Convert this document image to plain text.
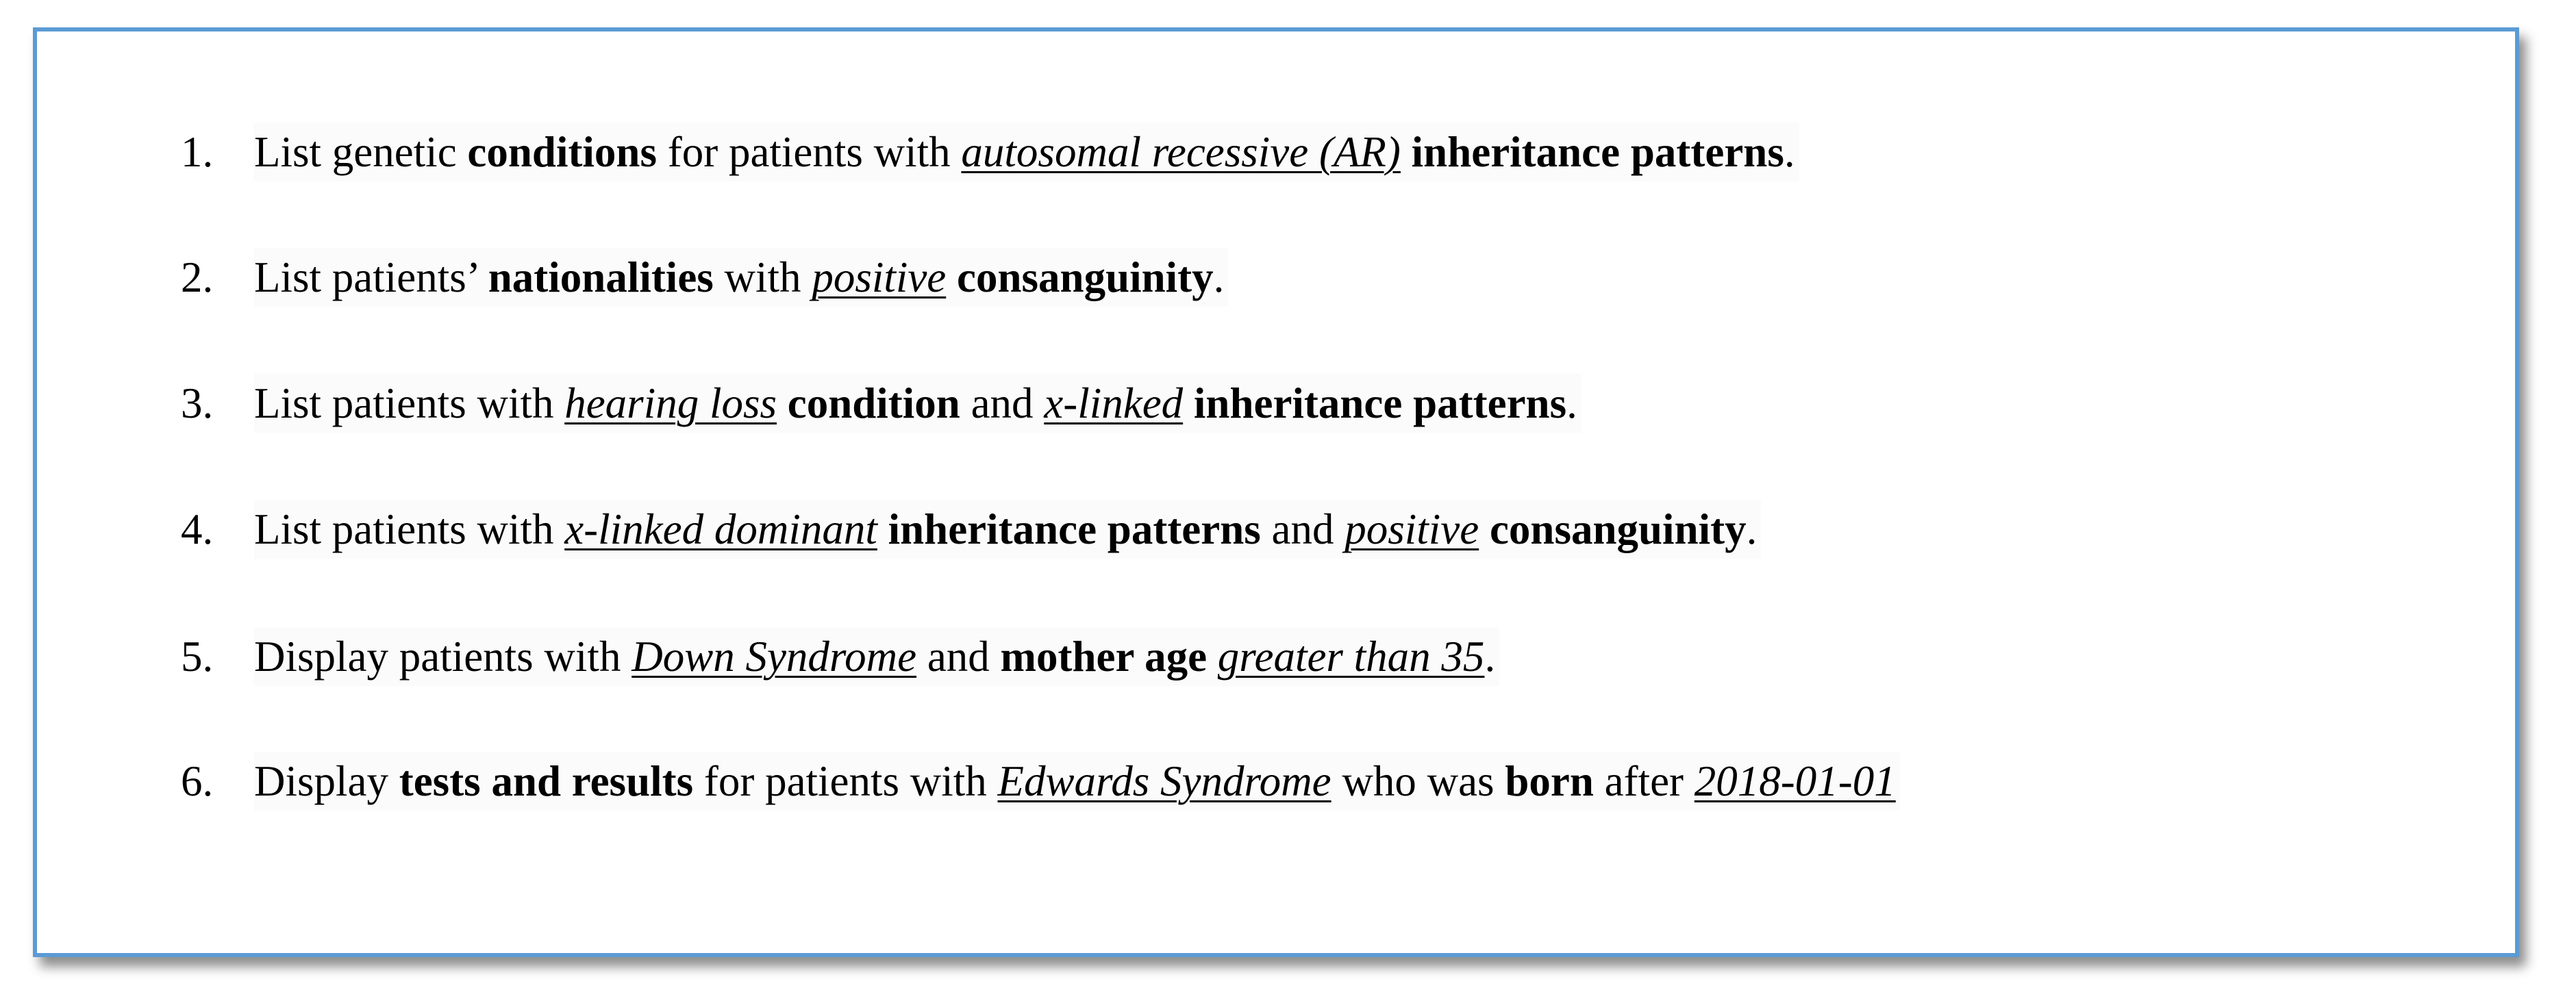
1. List genetic conditions for patients with autosomal recessive (AR) inheritance patterns.
2. List patients’ nationalities with positive consanguinity.
3. List patients with hearing loss condition and x-linked inheritance patterns.
4. List patients with x-linked dominant inheritance patterns and positive consanguinity.
5. Display patients with Down Syndrome and mother age greater than 35.
6. Display tests and results for patients with Edwards Syndrome who was born after 2018-01-01
